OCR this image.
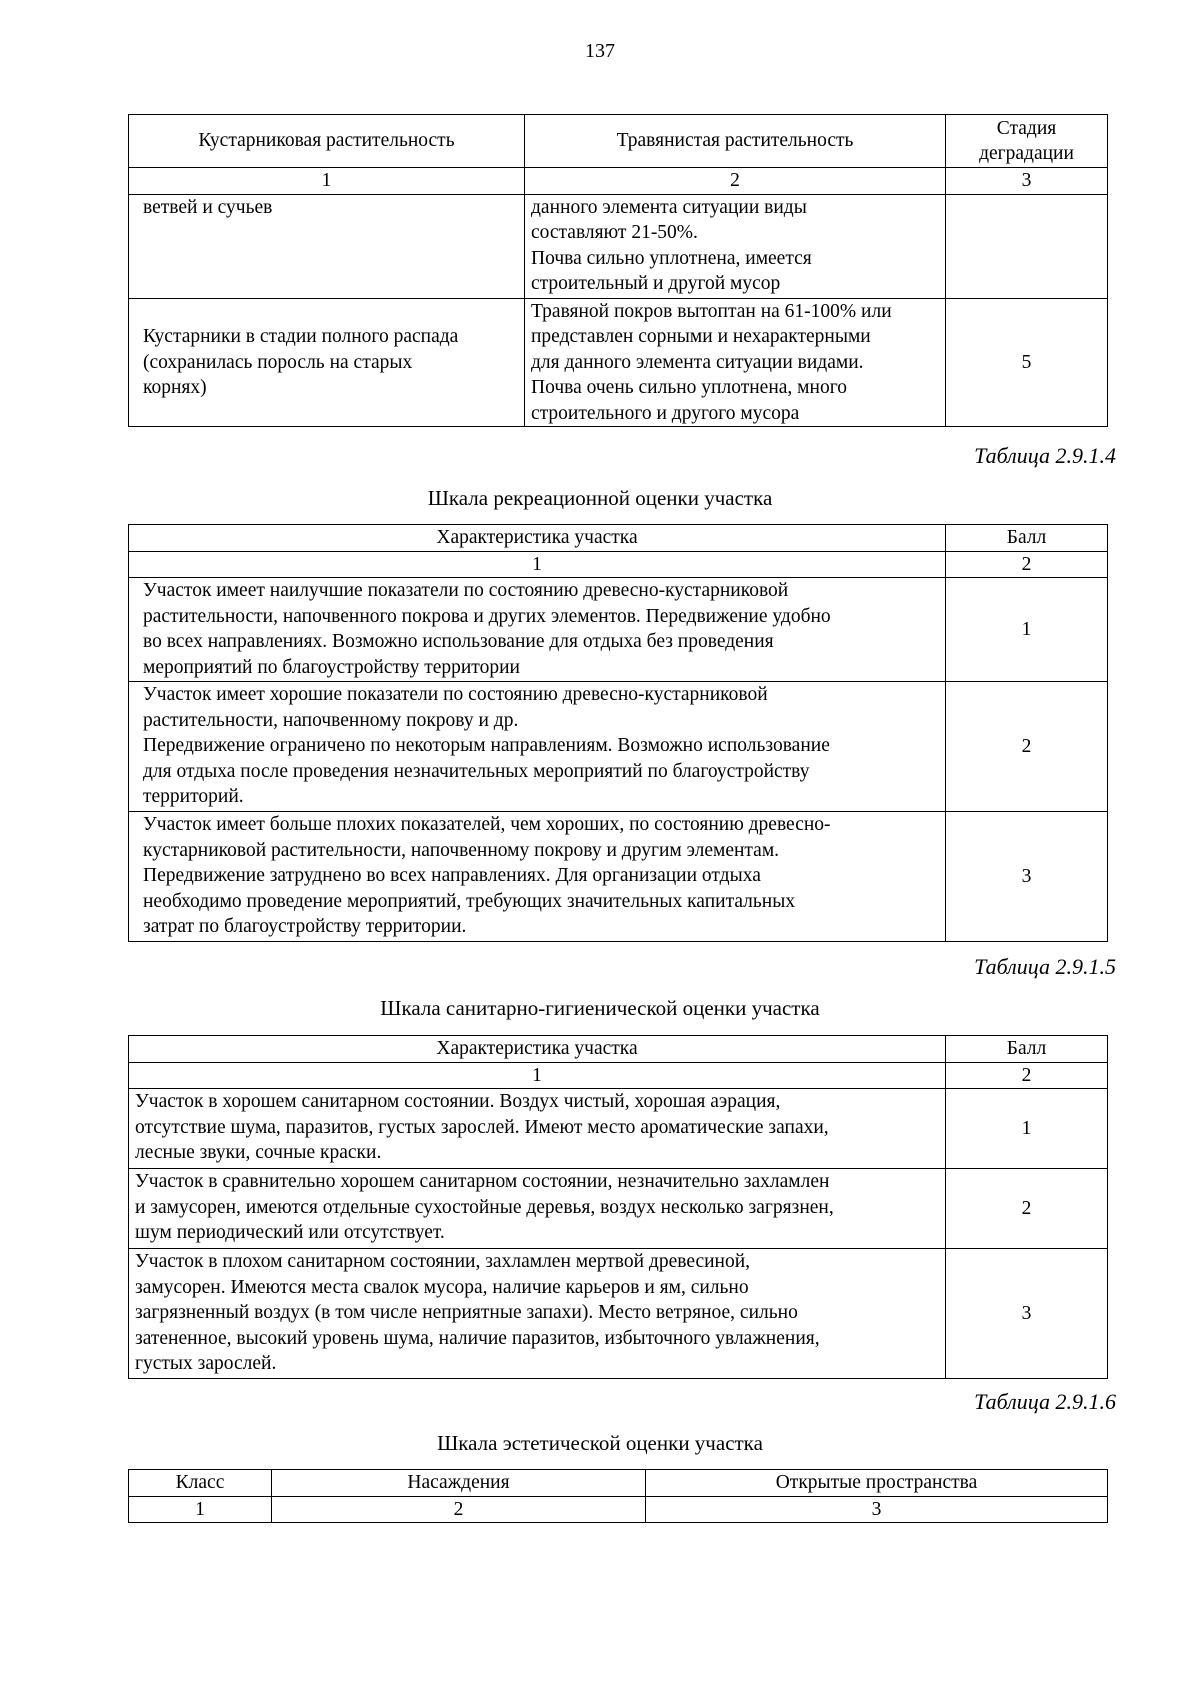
137
Кустарниковая растительность	Травянистая растительность	Стадия деградации
1	2	3
ветвей и сучьев	данного элемента ситуации виды
составляют 21-50%.
Почва сильно уплотнена, имеется
строительный и другой мусор	
Кустарники в стадии полного распада
(сохранилась поросль на старых
корнях)	Травяной покров вытоптан на 61-100% или
представлен сорными и нехарактерными
для данного элемента ситуации видами.
Почва очень сильно уплотнена, много
строительного и другого мусора	5
Таблица 2.9.1.4
Шкала рекреационной оценки участка
Характеристика участка	Балл
1	2
Участок имеет наилучшие показатели по состоянию древесно-кустарниковой
растительности, напочвенного покрова и других элементов. Передвижение удобно
во всех направлениях. Возможно использование для отдыха без проведения
мероприятий по благоустройству территории	1
Участок имеет хорошие показатели по состоянию древесно-кустарниковой
растительности, напочвенному покрову и др.
Передвижение ограничено по некоторым направлениям. Возможно использование
для отдыха после проведения незначительных мероприятий по благоустройству
территорий.	2
Участок имеет больше плохих показателей, чем хороших, по состоянию древесно-
кустарниковой растительности, напочвенному покрову и другим элементам.
Передвижение затруднено во всех направлениях. Для организации отдыха
необходимо проведение мероприятий, требующих значительных капитальных
затрат по благоустройству территории.	3
Таблица 2.9.1.5
Шкала санитарно-гигиенической оценки участка
Характеристика участка	Балл
1	2
Участок в хорошем санитарном состоянии. Воздух чистый, хорошая аэрация,
отсутствие шума, паразитов, густых зарослей. Имеют место ароматические запахи,
лесные звуки, сочные краски.	1
Участок в сравнительно хорошем санитарном состоянии, незначительно захламлен
и замусорен, имеются отдельные сухостойные деревья, воздух несколько загрязнен,
шум периодический или отсутствует.	2
Участок в плохом санитарном состоянии, захламлен мертвой древесиной,
замусорен. Имеются места свалок мусора, наличие карьеров и ям, сильно
загрязненный воздух (в том числе неприятные запахи). Место ветряное, сильно
затененное, высокий уровень шума, наличие паразитов, избыточного увлажнения,
густых зарослей.	3
Таблица 2.9.1.6
Шкала эстетической оценки участка
Класс	Насаждения	Открытые пространства
1	2	3
